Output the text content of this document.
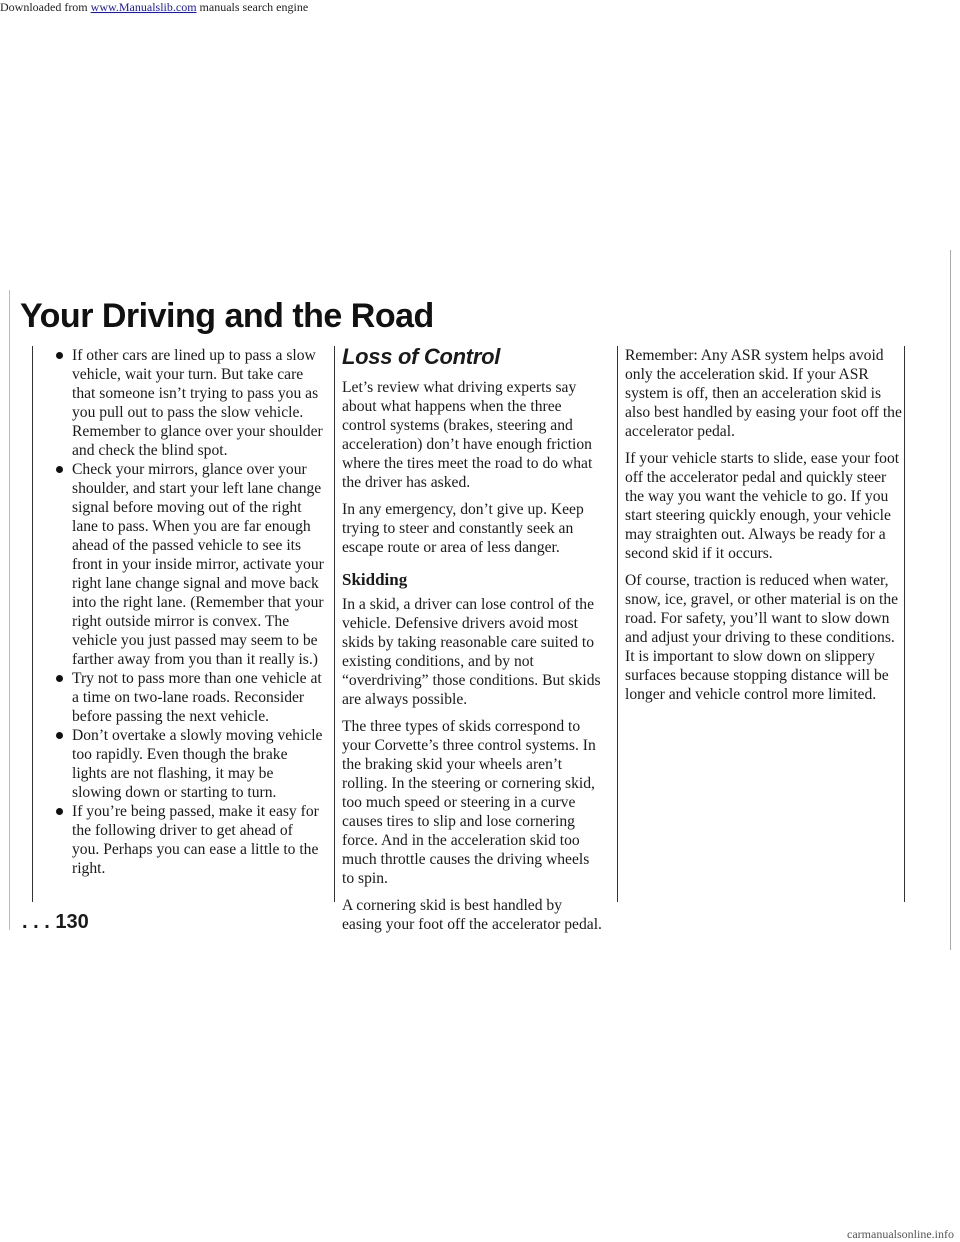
Downloaded from www.Manualslib.com manuals search engine
Your Driving and the Road
If other cars are lined up to pass a slow vehicle, wait your turn. But take care that someone isn’t trying to pass you as you pull out to pass the slow vehicle. Remember to glance over your shoulder and check the blind spot.
Check your mirrors, glance over your shoulder, and start your left lane change signal before moving out of the right lane to pass. When you are far enough ahead of the passed vehicle to see its front in your inside mirror, activate your right lane change signal and move back into the right lane. (Remember that your right outside mirror is convex. The vehicle you just passed may seem to be farther away from you than it really is.)
Try not to pass more than one vehicle at a time on two-lane roads. Reconsider before passing the next vehicle.
Don’t overtake a slowly moving vehicle too rapidly. Even though the brake lights are not flashing, it may be slowing down or starting to turn.
If you’re being passed, make it easy for the following driver to get ahead of you. Perhaps you can ease a little to the right.
Loss of Control

Let’s review what driving experts say about what happens when the three control systems (brakes, steering and acceleration) don’t have enough friction where the tires meet the road to do what the driver has asked.

In any emergency, don’t give up. Keep trying to steer and constantly seek an escape route or area of less danger.

Skidding

In a skid, a driver can lose control of the vehicle. Defensive drivers avoid most skids by taking reasonable care suited to existing conditions, and by not “overdriving” those conditions. But skids are always possible.

The three types of skids correspond to your Corvette’s three control systems. In the braking skid your wheels aren’t rolling. In the steering or cornering skid, too much speed or steering in a curve causes tires to slip and lose cornering force. And in the acceleration skid too much throttle causes the driving wheels to spin.

A cornering skid is best handled by easing your foot off the accelerator pedal.

Remember: Any ASR system helps avoid only the acceleration skid. If your ASR system is off, then an acceleration skid is also best handled by easing your foot off the accelerator pedal.

If your vehicle starts to slide, ease your foot off the accelerator pedal and quickly steer the way you want the vehicle to go. If you start steering quickly enough, your vehicle may straighten out. Always be ready for a second skid if it occurs.

Of course, traction is reduced when water, snow, ice, gravel, or other material is on the road. For safety, you’ll want to slow down and adjust your driving to these conditions. It is important to slow down on slippery surfaces because stopping distance will be longer and vehicle control more limited.

. . . 130

carmanualsonline.info
